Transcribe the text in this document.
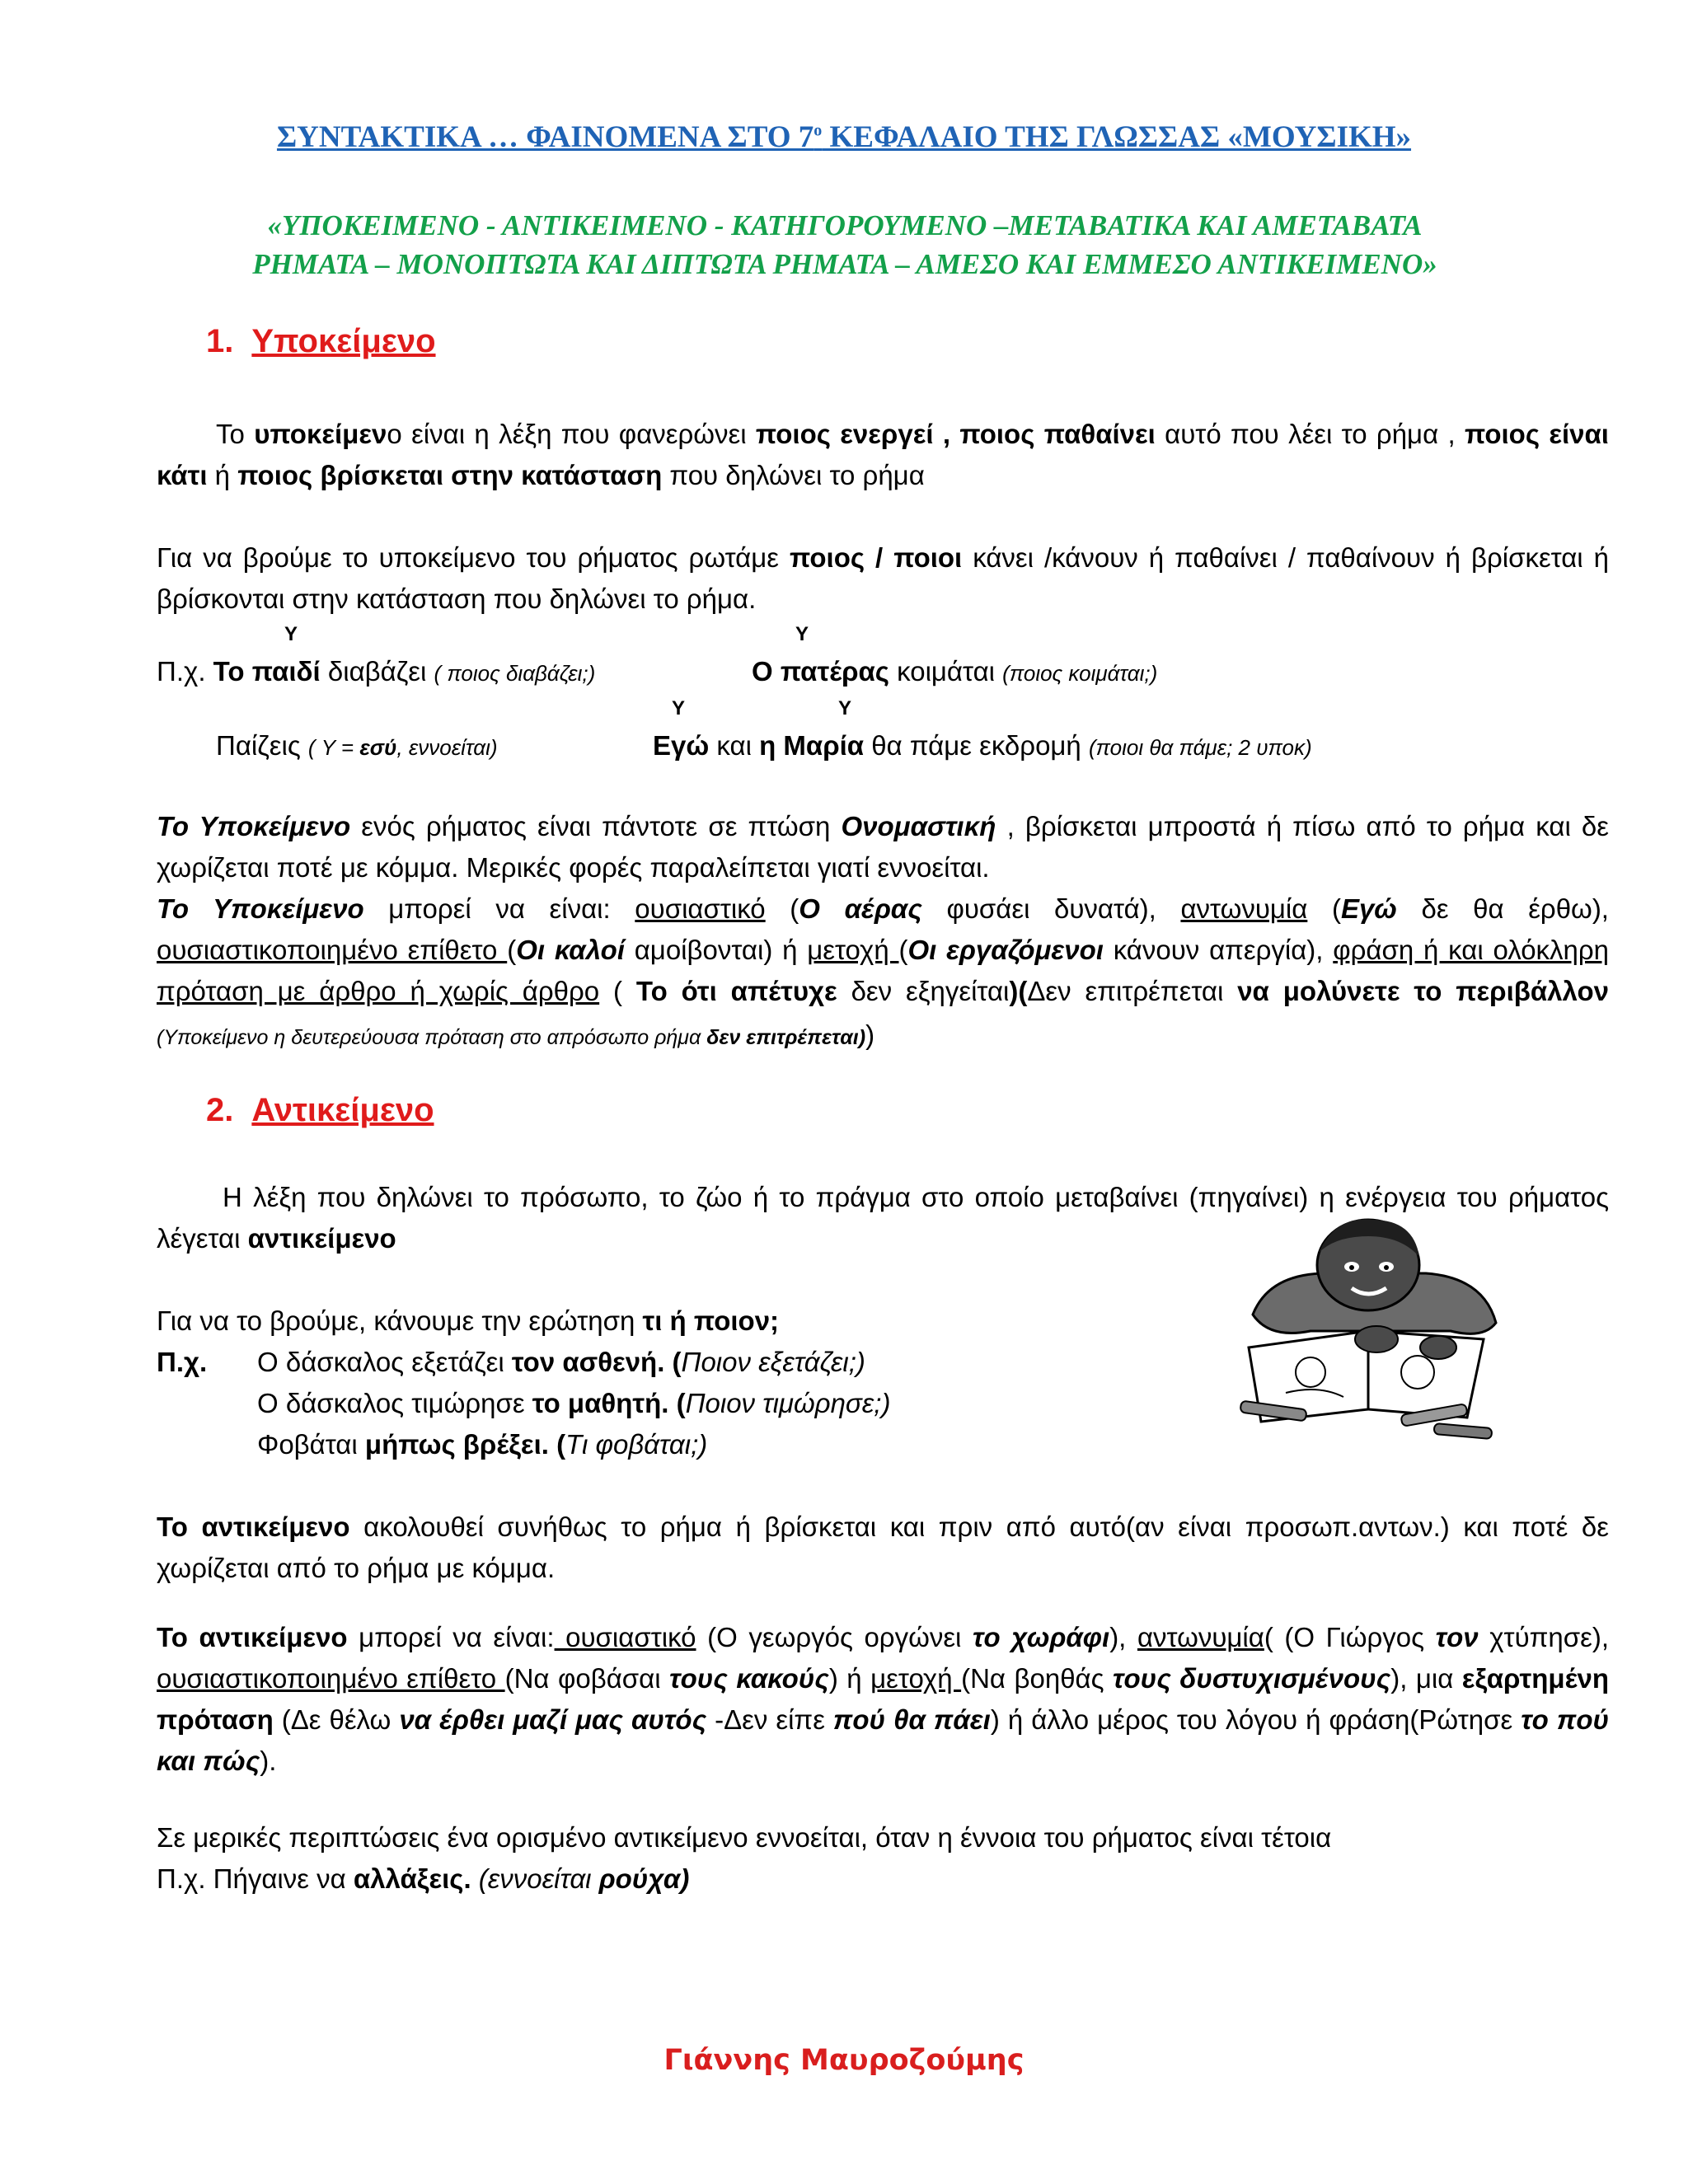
ΣΥΝΤΑΚΤΙΚΑ … ΦΑΙΝΟΜΕΝΑ ΣΤΟ $7^o$ ΚΕΦΑΛΑΙΟ ΤΗΣ ΓΛΩΣΣΑΣ «ΜΟΥΣΙΚΗ»
«ΥΠΟΚΕΙΜΕΝΟ - ΑΝΤΙΚΕΙΜΕΝΟ - ΚΑΤΗΓΟΡΟΥΜΕΝΟ –ΜΕΤΑΒΑΤΙΚΑ ΚΑΙ ΑΜΕΤΑΒΑΤΑ
ΡΗΜΑΤΑ – ΜΟΝΟΠΤΩΤΑ ΚΑΙ ΔΙΠΤΩΤΑ ΡΗΜΑΤΑ – ΑΜΕΣΟ ΚΑΙ ΕΜΜΕΣΟ ΑΝΤΙΚΕΙΜΕΝΟ»
1. Υποκείμενο
Το υποκείμενο είναι η λέξη που φανερώνει ποιος ενεργεί , ποιος παθαίνει αυτό που λέει το ρήμα , ποιος είναι κάτι ή ποιος βρίσκεται στην κατάσταση που δηλώνει το ρήμα
Για να βρούμε το υποκείμενο του ρήματος ρωτάμε ποιος / ποιοι κάνει /κάνουν ή παθαίνει / παθαίνουν ή βρίσκεται ή βρίσκονται στην κατάσταση που δηλώνει το ρήμα.
Y	Y
Π.χ. Το παιδί διαβάζει ( ποιος διαβάζει;)	Ο πατέρας κοιμάται (ποιος κοιμάται;)
Y	Y
Παίζεις ( Y = εσύ, εννοείται)	Εγώ και η Μαρία θα πάμε εκδρομή (ποιοι θα πάμε; 2 υποκ)
Το Υποκείμενο ενός ρήματος είναι πάντοτε σε πτώση Ονομαστική , βρίσκεται μπροστά ή πίσω από το ρήμα και δε χωρίζεται ποτέ με κόμμα. Μερικές φορές παραλείπεται γιατί εννοείται.
Το Υποκείμενο μπορεί να είναι: ουσιαστικό (Ο αέρας φυσάει δυνατά), αντωνυμία (Εγώ δε θα έρθω), ουσιαστικοποιημένο επίθετο (Οι καλοί αμοίβονται) ή μετοχή (Οι εργαζόμενοι κάνουν απεργία), φράση ή και ολόκληρη πρόταση με άρθρο ή χωρίς άρθρο ( Το ότι απέτυχε δεν εξηγείται)(Δεν επιτρέπεται να μολύνετε το περιβάλλον (Υποκείμενο η δευτερεύουσα πρόταση στο απρόσωπο ρήμα δεν επιτρέπεται))
2. Αντικείμενο
Η λέξη που δηλώνει το πρόσωπο, το ζώο ή το πράγμα στο οποίο μεταβαίνει (πηγαίνει) η ενέργεια του ρήματος λέγεται αντικείμενο
Για να το βρούμε, κάνουμε την ερώτηση τι ή ποιον;
Π.χ. Ο δάσκαλος εξετάζει τον ασθενή. (Ποιον εξετάζει;)
Ο δάσκαλος τιμώρησε το μαθητή. (Ποιον τιμώρησε;)
Φοβάται μήπως βρέξει. (Τι φοβάται;)
Το αντικείμενο ακολουθεί συνήθως το ρήμα ή βρίσκεται και πριν από αυτό(αν είναι προσωπ.αντων.) και ποτέ δε χωρίζεται από το ρήμα με κόμμα.
Το αντικείμενο μπορεί να είναι: ουσιαστικό (Ο γεωργός οργώνει το χωράφι), αντωνυμία( (Ο Γιώργος τον χτύπησε), ουσιαστικοποιημένο επίθετο (Να φοβάσαι τους κακούς) ή μετοχή (Να βοηθάς τους δυστυχισμένους), μια εξαρτημένη πρόταση (Δε θέλω να έρθει μαζί μας αυτός -Δεν είπε πού θα πάει) ή άλλο μέρος του λόγου ή φράση(Ρώτησε το πού και πώς).
Σε μερικές περιπτώσεις ένα ορισμένο αντικείμενο εννοείται, όταν η έννοια του ρήματος είναι τέτοια
Π.χ. Πήγαινε να αλλάξεις. (εννοείται ρούχα)
Γιάννης Μαυροζούμης
